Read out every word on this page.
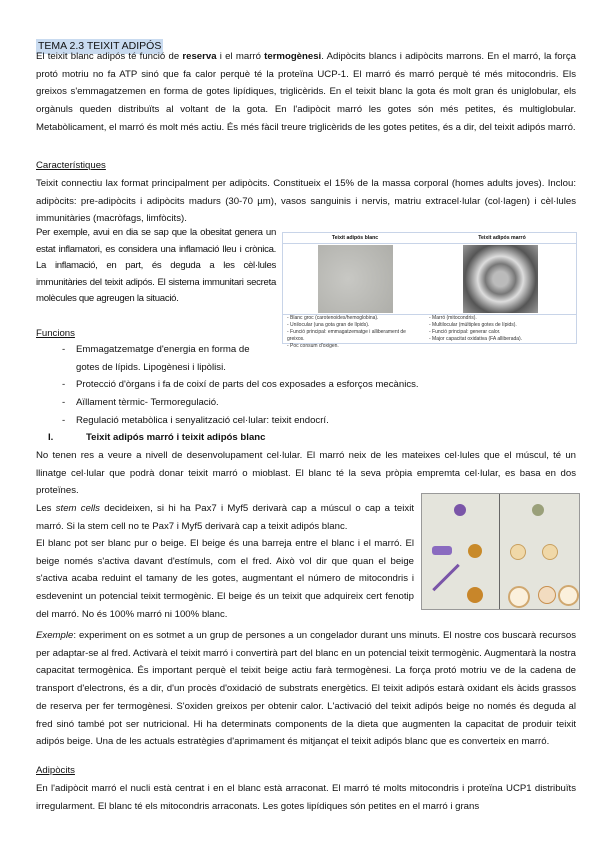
TEMA 2.3 TEIXIT ADIPÓS

El teixit blanc adipós té funció de reserva i el marró termogènesi. Adipòcits blancs i adipòcits marrons. En el marró, la força protó motriu no fa ATP sinó que fa calor perquè té la proteïna UCP-1. El marró és marró perquè té més mitocondris. Els greixos s'emmagatzemen en forma de gotes lipídiques, triglicèrids. En el teixit blanc la gota és molt gran és uniglobular, els orgànuls queden distribuïts al voltant de la gota. En l'adipòcit marró les gotes són més petites, és multiglobular. Metabòlicament, el marró és molt més actiu. És més fàcil treure triglicèrids de les gotes petites, és a dir, del teixit adipós marró.

Característiques

Teixit connectiu lax format principalment per adipòcits. Constitueix el 15% de la massa corporal (homes adults joves). Inclou: adipòcits: pre-adipòcits i adipòcits madurs (30-70 µm), vasos sanguinis i nervis, matriu extracel·lular (col·lagen) i cèl·lules immunitàries (macròfags, limfòcits).

Per exemple, avui en dia se sap que la obesitat genera un estat inflamatori, es considera una inflamació lleu i crònica. La inflamació, en part, és deguda a les cèl·lules immunitàries del teixit adipós. El sistema immunitari secreta molècules que agreugen la situació.

Teixit adipós blanc	Teixit adipós marró
- Blanc groc (carotenoides/hemoglobina).
- Unilocular (una gota gran de lípids).
- Funció principal: emmagatzematge i alliberament de greixos.
- Poc consum d'oxigen.
- Marró (mitocondris).
- Multilocular (múltiples gotes de lípids).
- Funció principal: generar calor.
- Major capacitat oxidativa (FA alliberada).

Funcions

- Emmagatzematge d'energia en forma de gotes de lípids. Lipogènesi i lipòlisi.
- Protecció d'òrgans i fa de coixí de parts del cos exposades a esforços mecànics.
- Aïllament tèrmic- Termoregulació.
- Regulació metabòlica i senyalització cel·lular: teixit endocrí.

I.	Teixit adipós marró i teixit adipós blanc

No tenen res a veure a nivell de desenvolupament cel·lular. El marró neix de les mateixes cel·lules que el múscul, té un llinatge cel·lular que podrà donar teixit marró o mioblast. El blanc té la seva pròpia empremta cel·lular, es basa en dos proteïnes.

Les stem cells decideixen, si hi ha Pax7 i Myf5 derivarà cap a múscul o cap a teixit marró. Si la stem cell no te Pax7 i Myf5 derivarà cap a teixit adipós blanc.

El blanc pot ser blanc pur o beige. El beige és una barreja entre el blanc i el marró. El beige només s'activa davant d'estímuls, com el fred. Això vol dir que quan el beige s'activa acaba reduint el tamany de les gotes, augmentant el número de mitocondris i esdevenint un potencial teixit termogènic. El beige és un teixit que adquireix cert fenotip del marró. No és 100% marró ni 100% blanc.

Exemple: experiment on es sotmet a un grup de persones a un congelador durant uns minuts. El nostre cos buscarà recursos per adaptar-se al fred. Activarà el teixit marró i convertirà part del blanc en un potencial teixit termogènic. Augmentarà la nostra capacitat termogènica. És important perquè el teixit beige actiu farà termogènesi. La força protó motriu ve de la cadena de transport d'electrons, és a dir, d'un procès d'oxidació de substrats energètics. El teixit adipós estarà oxidant els àcids grassos de reserva per fer termogènesi. S'oxiden greixos per obtenir calor. L'activació del teixit adipós beige no només és deguda al fred sinó també pot ser nutricional. Hi ha determinats components de la dieta que augmenten la capacitat de produir teixit adipós beige. Una de les actuals estratègies d'aprimament és mitjançat el teixit adipós blanc que es converteix en marró.

Adipòcits

En l'adipòcit marró el nucli està centrat i en el blanc està arraconat. El marró té molts mitocondris i proteïna UCP1 distribuïts irregularment. El blanc té els mitocondris arraconats. Les gotes lipídiques són petites en el marró i grans
